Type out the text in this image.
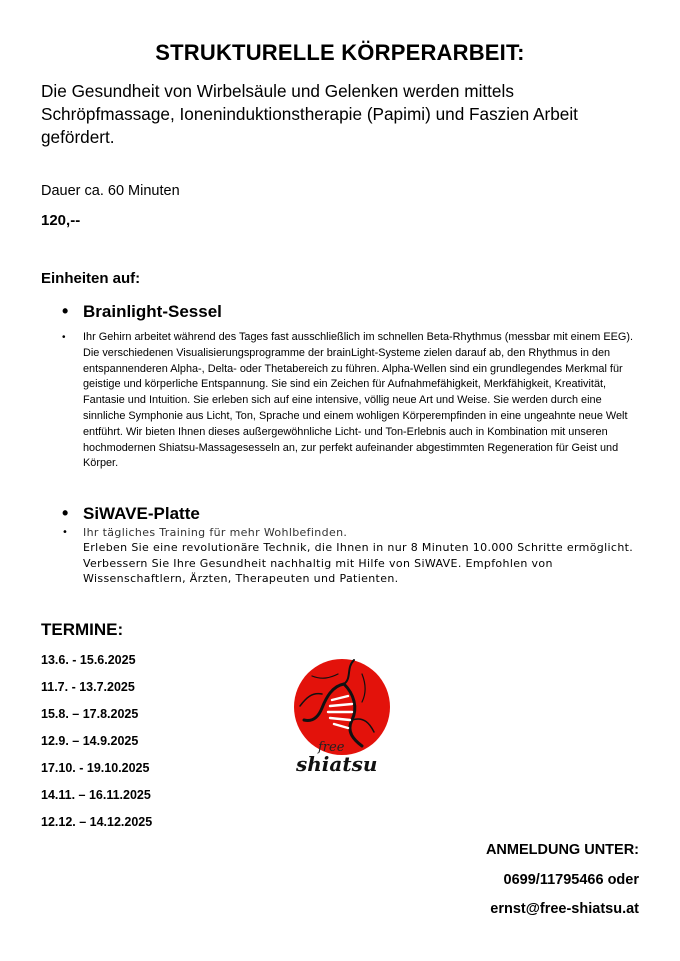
STRUKTURELLE KÖRPERARBEIT:
Die Gesundheit von Wirbelsäule und Gelenken werden mittels Schröpfmassage, Ioneninduktionstherapie (Papimi) und Faszien Arbeit gefördert.
Dauer ca. 60 Minuten
120,--
Einheiten auf:
• Brainlight-Sessel
• Ihr Gehirn arbeitet während des Tages fast ausschließlich im schnellen Beta-Rhythmus (messbar mit einem EEG). Die verschiedenen Visualisierungsprogramme der brainLight-Systeme zielen darauf ab, den Rhythmus in den entspannenderen Alpha-, Delta- oder Thetabereich zu führen. Alpha-Wellen sind ein grundlegendes Merkmal für geistige und körperliche Entspannung. Sie sind ein Zeichen für Aufnahmefähigkeit, Merkfähigkeit, Kreativität, Fantasie und Intuition. Sie erleben sich auf eine intensive, völlig neue Art und Weise. Sie werden durch eine sinnliche Symphonie aus Licht, Ton, Sprache und einem wohligen Körperempfinden in eine ungeahnte neue Welt entführt. Wir bieten Ihnen dieses außergewöhnliche Licht- und Ton-Erlebnis auch in Kombination mit unseren hochmodernen Shiatsu-Massagesesseln an, zur perfekt aufeinander abgestimmten Regeneration für Geist und Körper.
• SiWAVE-Platte
• Ihr tägliches Training für mehr Wohlbefinden.
Erleben Sie eine revolutionäre Technik, die Ihnen in nur 8 Minuten 10.000 Schritte ermöglicht.
Verbessern Sie Ihre Gesundheit nachhaltig mit Hilfe von SiWAVE. Empfohlen von Wissenschaftlern, Ärzten, Therapeuten und Patienten.
TERMINE:
13.6. - 15.6.2025
11.7. - 13.7.2025
15.8. – 17.8.2025
12.9. – 14.9.2025
17.10. - 19.10.2025
14.11. – 16.11.2025
12.12. – 14.12.2025
free
shiatsu
ANMELDUNG UNTER:
0699/11795466 oder
ernst@free-shiatsu.at
